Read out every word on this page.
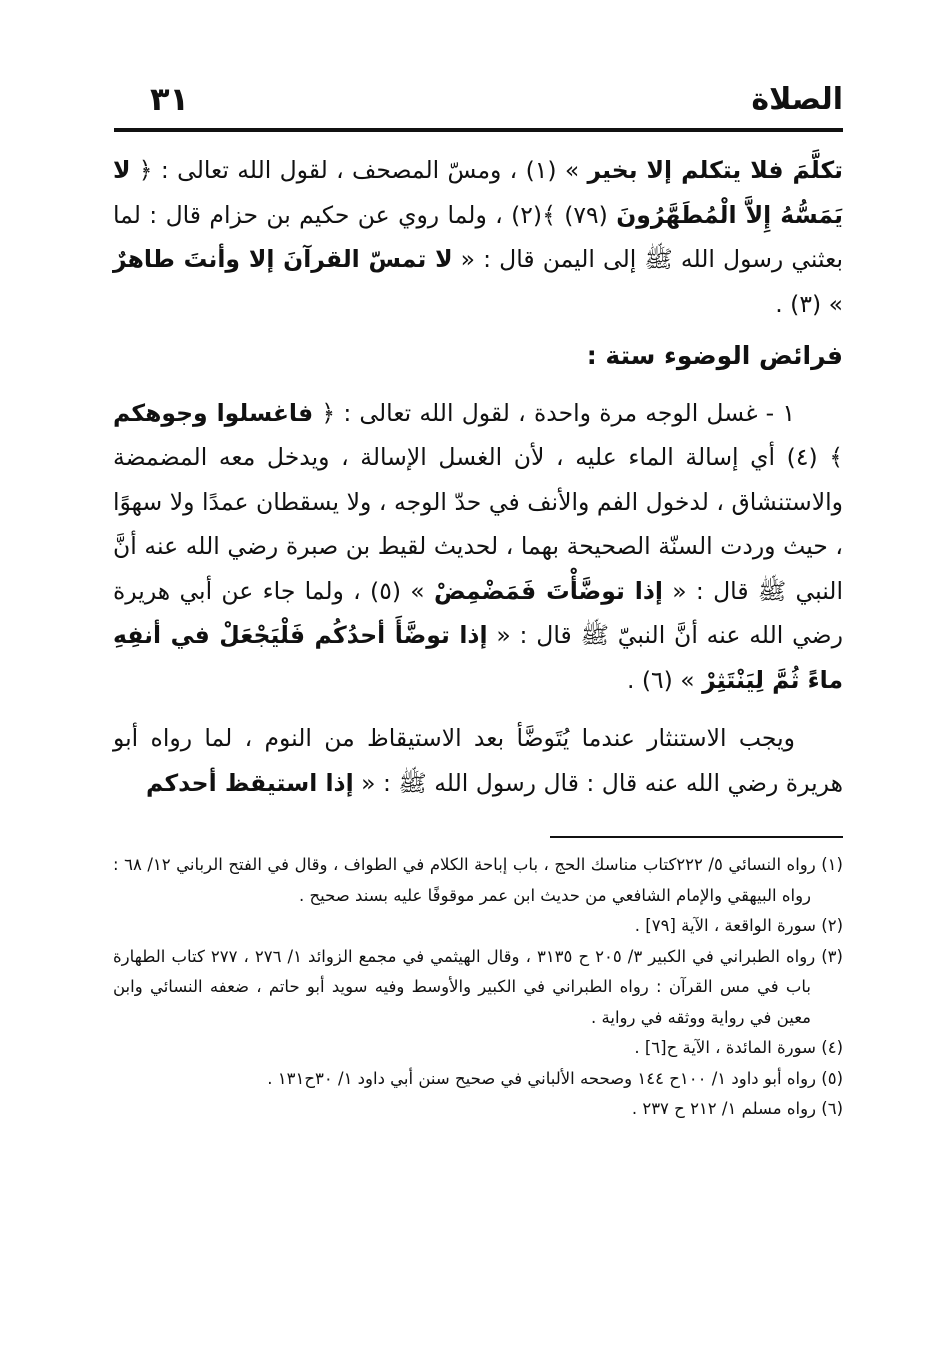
الصلاة
٣١

تكلَّمَ فلا يتكلم إلا بخير » (١) ، ومسّ المصحف ، لقول الله تعالى : ﴿ لا يَمَسُّهُ إِلاَّ الْمُطَهَّرُونَ (٧٩) ﴾(٢) ، ولما روي عن حكيم بن حزام قال : لما بعثني رسول الله ﷺ إلى اليمن قال : « لا تمسّ القرآنَ إلا وأنتَ طاهرٌ » (٣) .

فرائض الوضوء ستة :

١ - غسل الوجه مرة واحدة ، لقول الله تعالى : ﴿ فاغسلوا وجوهكم ﴾ (٤) أي إسالة الماء عليه ، لأن الغسل الإسالة ، ويدخل معه المضمضة والاستنشاق ، لدخول الفم والأنف في حدّ الوجه ، ولا يسقطان عمدًا ولا سهوًا ، حيث وردت السنّة الصحيحة بهما ، لحديث لقيط بن صبرة رضي الله عنه أنَّ النبي ﷺ قال : « إذا توضَّأْتَ فَمَضْمِضْ » (٥) ، ولما جاء عن أبي هريرة رضي الله عنه أنَّ النبيّ ﷺ قال : « إذا توضَّأَ أحدُكُم فَلْيَجْعَلْ في أنفِهِ ماءً ثُمَّ لِيَنْتَثِرْ » (٦) .

ويجب الاستنثار عندما يُتَوضَّأ بعد الاستيقاظ من النوم ، لما رواه أبو هريرة رضي الله عنه قال : قال رسول الله ﷺ : « إذا استيقظ أحدكم

(١) رواه النسائي ٥/ ٢٢٢كتاب مناسك الحج ، باب إباحة الكلام في الطواف ، وقال في الفتح الرباني ١٢/ ٦٨ : رواه البيهقي والإمام الشافعي من حديث ابن عمر موقوفًا عليه بسند صحيح .

(٢) سورة الواقعة ، الآية [٧٩] .

(٣) رواه الطبراني في الكبير ٣/ ٢٠٥ ح ٣١٣٥ ، وقال الهيثمي في مجمع الزوائد ١/ ٢٧٦ ، ٢٧٧ كتاب الطهارة باب في مس القرآن : رواه الطبراني في الكبير والأوسط وفيه سويد أبو حاتم ، ضعفه النسائي وابن معين في رواية ووثقه في رواية .

(٤) سورة المائدة ، الآية ح[٦] .

(٥) رواه أبو داود ١/ ١٠٠ح ١٤٤ وصححه الألباني في صحيح سنن أبي داود ١/ ٣٠ح١٣١ .

(٦) رواه مسلم ١/ ٢١٢ ح ٢٣٧ .
